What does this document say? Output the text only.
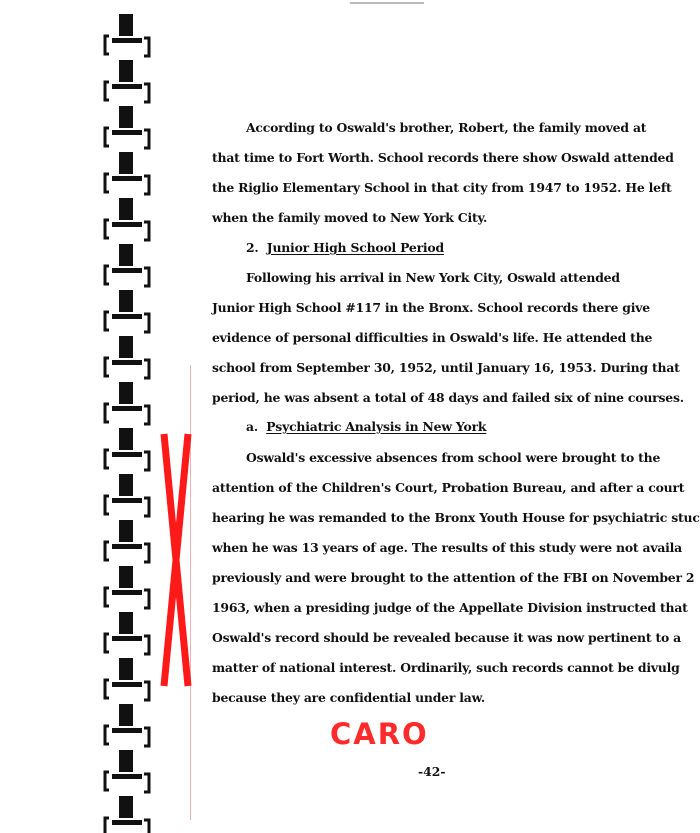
According to Oswald's brother, Robert, the family moved at
that time to Fort Worth. School records there show Oswald attended
the Riglio Elementary School in that city from 1947 to 1952. He left
when the family moved to New York City.
2. Junior High School Period
Following his arrival in New York City, Oswald attended
Junior High School #117 in the Bronx. School records there give
evidence of personal difficulties in Oswald's life. He attended the
school from September 30, 1952, until January 16, 1953. During that
period, he was absent a total of 48 days and failed six of nine courses.
a. Psychiatric Analysis in New York
Oswald's excessive absences from school were brought to the
attention of the Children's Court, Probation Bureau, and after a court
hearing he was remanded to the Bronx Youth House for psychiatric stuc
when he was 13 years of age. The results of this study were not availa
previously and were brought to the attention of the FBI on November 2
1963, when a presiding judge of the Appellate Division instructed that
Oswald's record should be revealed because it was now pertinent to a
matter of national interest. Ordinarily, such records cannot be divulg
because they are confidential under law.
CARO
-42-
